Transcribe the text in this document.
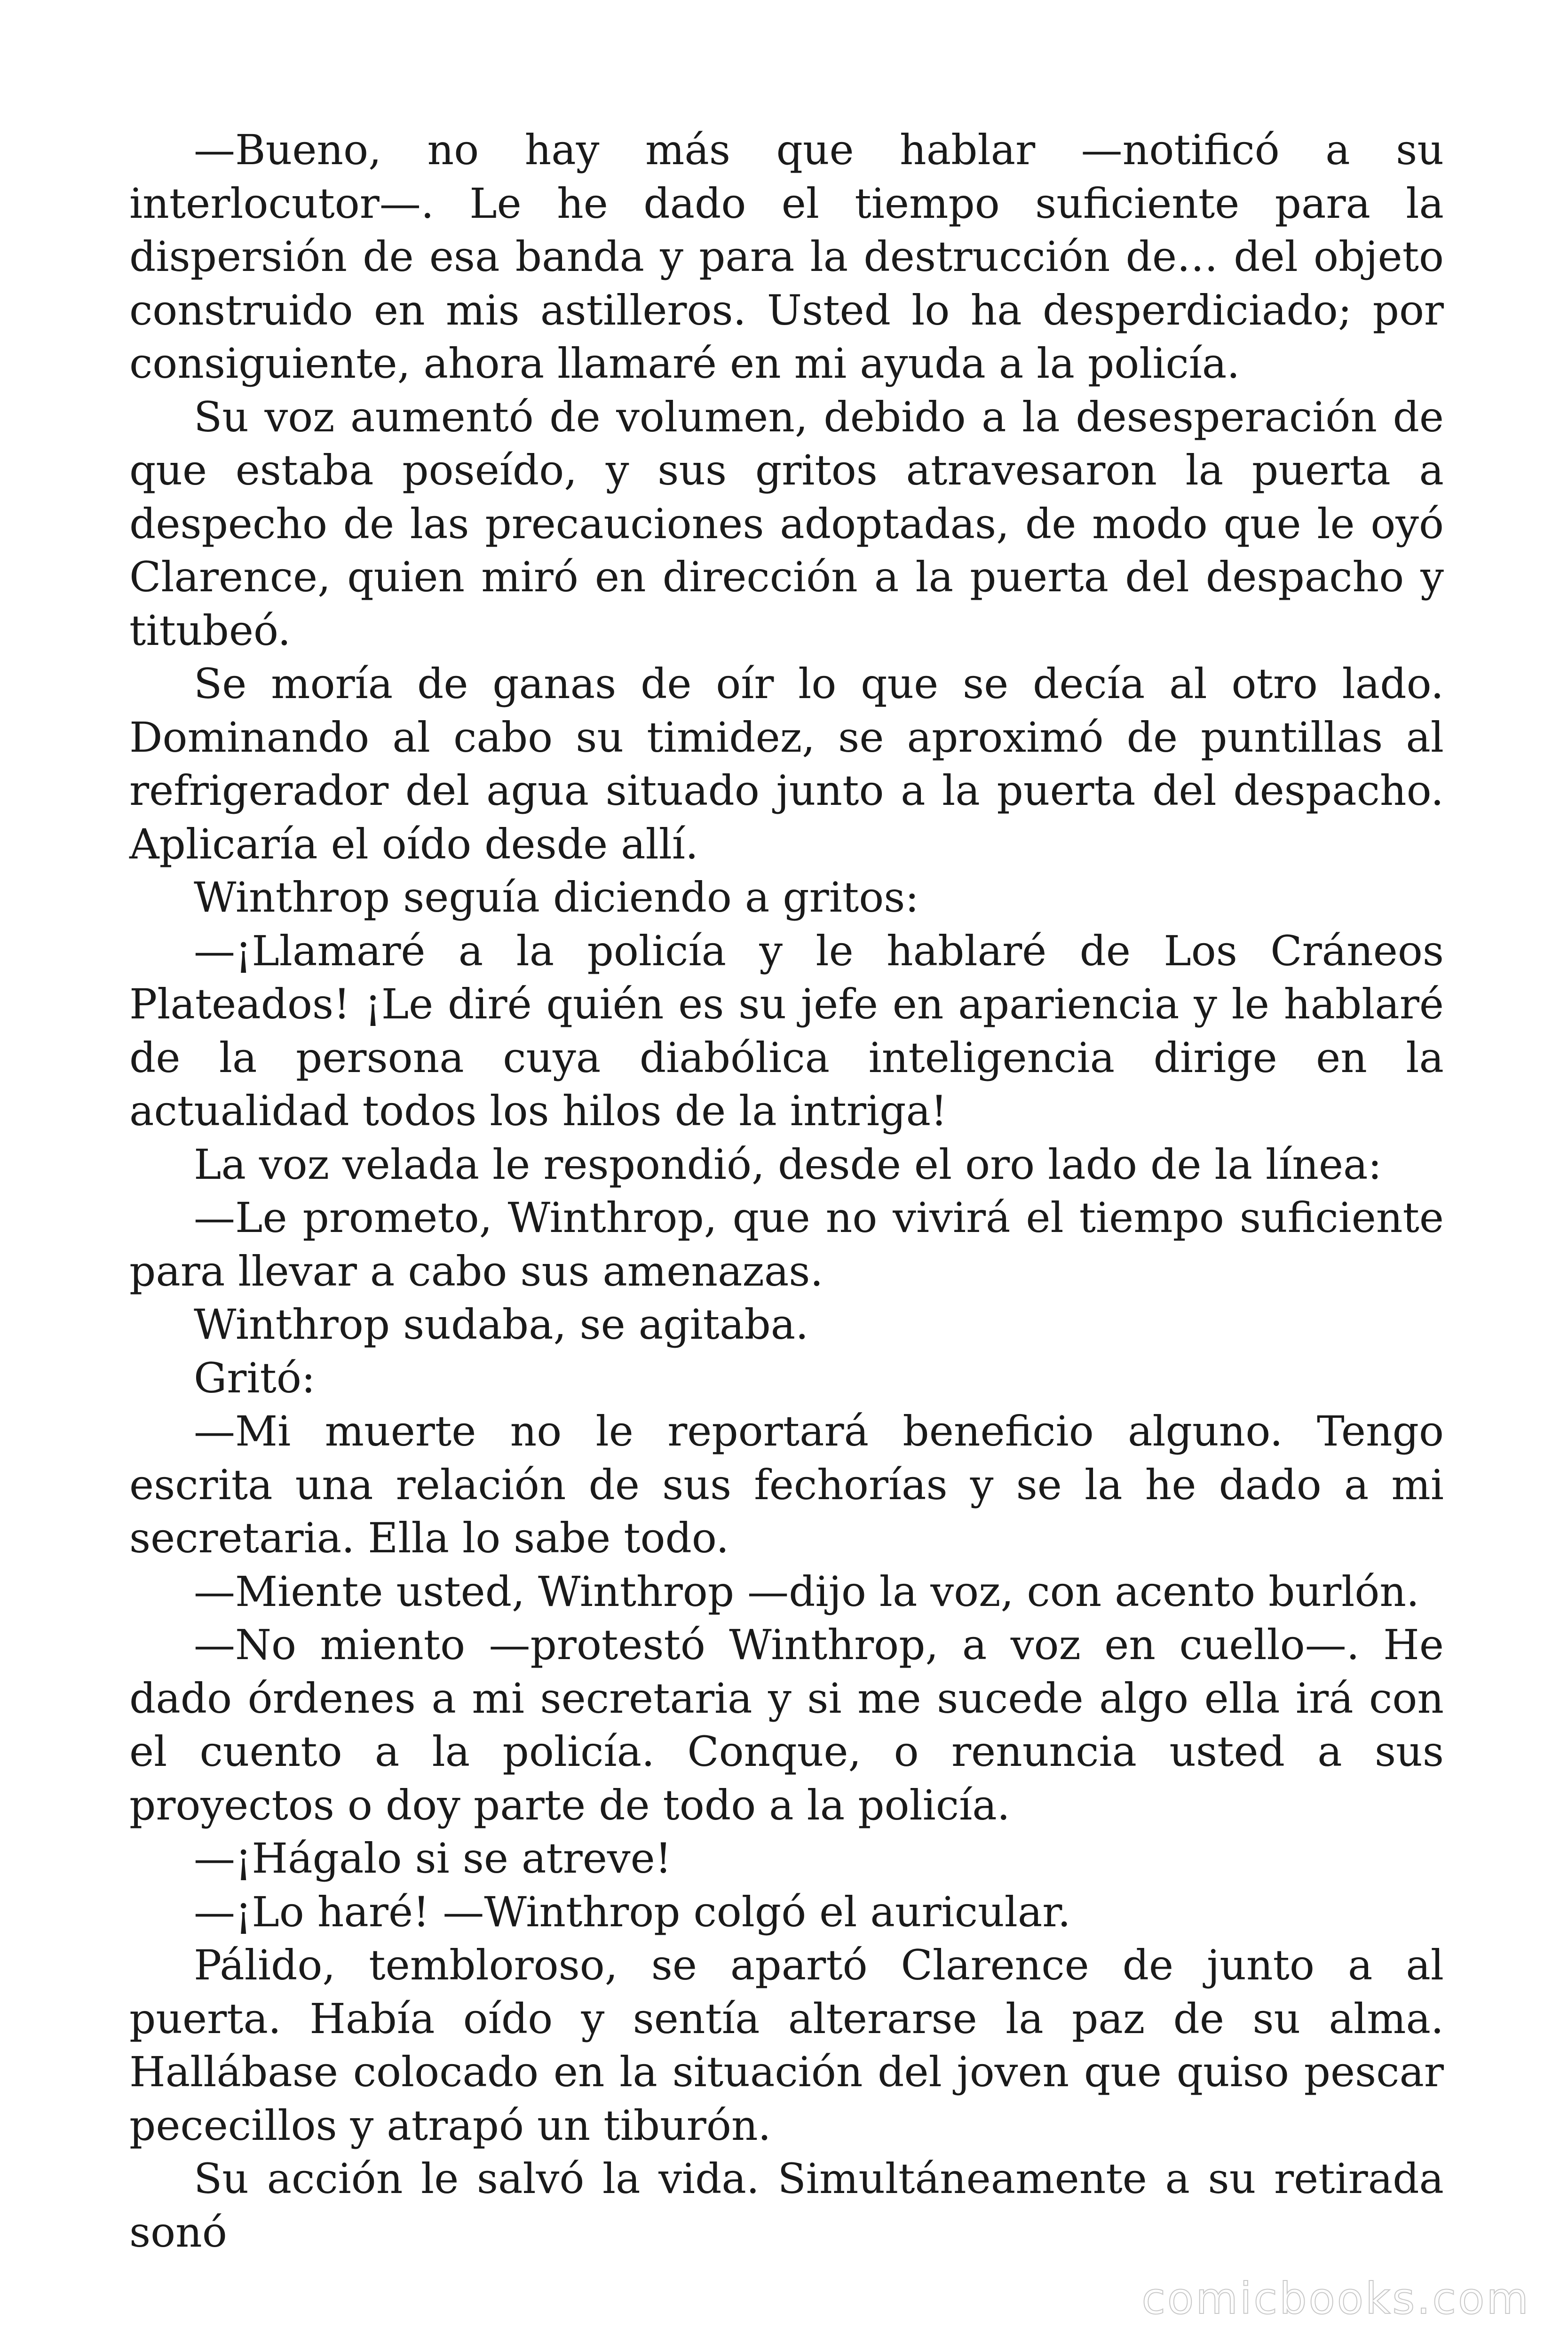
—Bueno, no hay más que hablar —notificó a su interlocutor—. Le he dado el tiempo suficiente para la dispersión de esa banda y para la destrucción de… del objeto construido en mis astilleros. Usted lo ha desperdiciado; por consiguiente, ahora llamaré en mi ayuda a la policía.

Su voz aumentó de volumen, debido a la desesperación de que estaba poseído, y sus gritos atravesaron la puerta a despecho de las precauciones adoptadas, de modo que le oyó Clarence, quien miró en dirección a la puerta del despacho y titubeó.

Se moría de ganas de oír lo que se decía al otro lado. Dominando al cabo su timidez, se aproximó de puntillas al refrigerador del agua situado junto a la puerta del despacho. Aplicaría el oído desde allí.

Winthrop seguía diciendo a gritos:

—¡Llamaré a la policía y le hablaré de Los Cráneos Plateados! ¡Le diré quién es su jefe en apariencia y le hablaré de la persona cuya diabólica inteligencia dirige en la actualidad todos los hilos de la intriga!

La voz velada le respondió, desde el oro lado de la línea:

—Le prometo, Winthrop, que no vivirá el tiempo suficiente para llevar a cabo sus amenazas.

Winthrop sudaba, se agitaba.

Gritó:

—Mi muerte no le reportará beneficio alguno. Tengo escrita una relación de sus fechorías y se la he dado a mi secretaria. Ella lo sabe todo.

—Miente usted, Winthrop —dijo la voz, con acento burlón.

—No miento —protestó Winthrop, a voz en cuello—. He dado órdenes a mi secretaria y si me sucede algo ella irá con el cuento a la policía. Conque, o renuncia usted a sus proyectos o doy parte de todo a la policía.

—¡Hágalo si se atreve!

—¡Lo haré! —Winthrop colgó el auricular.

Pálido, tembloroso, se apartó Clarence de junto a al puerta. Había oído y sentía alterarse la paz de su alma. Hallábase colocado en la situación del joven que quiso pescar pececillos y atrapó un tiburón.

Su acción le salvó la vida. Simultáneamente a su retirada sonó

comicbooks.com
